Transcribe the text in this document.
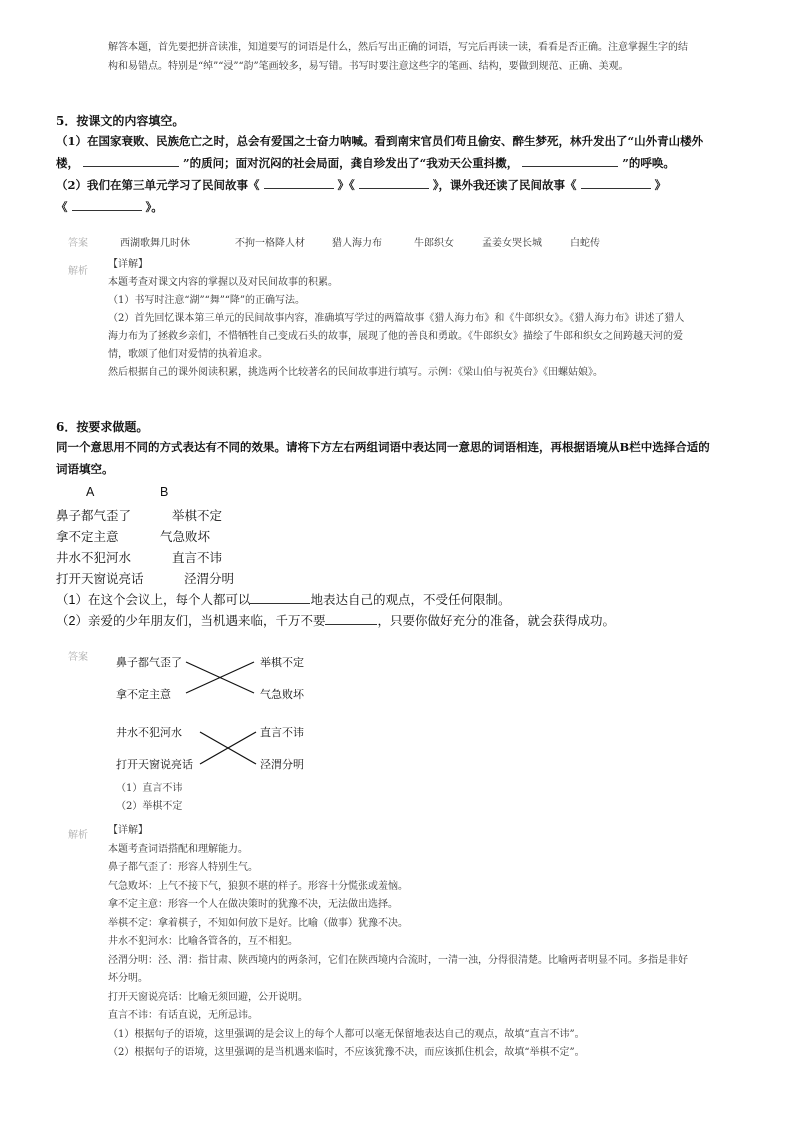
解答本题，首先要把拼音读准，知道要写的词语是什么，然后写出正确的词语，写完后再读一读，看看是否正确。注意掌握生字的结
构和易错点。特别是“绰”“浸”“韵”笔画较多，易写错。书写时要注意这些字的笔画、结构，要做到规范、正确、美观。
5．按课文的内容填空。
（1）在国家衰败、民族危亡之时，总会有爱国之士奋力呐喊。看到南宋官员们苟且偷安、醉生梦死，林升发出了“山外青山楼外
楼，	”的质问；面对沉闷的社会局面，龚自珍发出了“我劝天公重抖擞，	”的呼唤。
（2）我们在第三单元学习了民间故事《	》《	》，课外我还读了民间故事《	》
《	》。
答案	西湖歌舞几时休	不拘一格降人材	猎人海力布	牛郎织女	孟姜女哭长城	白蛇传
解析
【详解】
本题考查对课文内容的掌握以及对民间故事的积累。
（1）书写时注意“湖”“舞”“降”的正确写法。
（2）首先回忆课本第三单元的民间故事内容，准确填写学过的两篇故事《猎人海力布》和《牛郎织女》。《猎人海力布》讲述了猎人
海力布为了拯救乡亲们，不惜牺牲自己变成石头的故事，展现了他的善良和勇敢。《牛郎织女》描绘了牛郎和织女之间跨越天河的爱
情，歌颂了他们对爱情的执着追求。
然后根据自己的课外阅读积累，挑选两个比较著名的民间故事进行填写。示例：《梁山伯与祝英台》《田螺姑娘》。
6．按要求做题。
同一个意思用不同的方式表达有不同的效果。请将下方左右两组词语中表达同一意思的词语相连，再根据语境从B栏中选择合适的
词语填空。
A	B
鼻子都气歪了	举棋不定
拿不定主意	气急败坏
井水不犯河水	直言不讳
打开天窗说亮话	泾渭分明
（1）在这个会议上，每个人都可以	地表达自己的观点，不受任何限制。
（2）亲爱的少年朋友们，当机遇来临，千万不要	，只要你做好充分的准备，就会获得成功。
答案	鼻子都气歪了	举棋不定
拿不定主意	气急败坏
井水不犯河水	直言不讳
打开天窗说亮话	泾渭分明
（1）直言不讳
（2）举棋不定
解析 【详解】
本题考查词语搭配和理解能力。
鼻子都气歪了：形容人特别生气。
气急败坏：上气不接下气，狼狈不堪的样子。形容十分慌张或羞恼。
拿不定主意：形容一个人在做决策时的犹豫不决，无法做出选择。
举棋不定：拿着棋子，不知如何放下是好。比喻（做事）犹豫不决。
井水不犯河水：比喻各管各的，互不相犯。
泾渭分明：泾、渭：指甘肃、陕西境内的两条河，它们在陕西境内合流时，一清一浊，分得很清楚。比喻两者明显不同。多指是非好
坏分明。
打开天窗说亮话：比喻无须回避，公开说明。
直言不讳：有话直说，无所忌讳。
（1）根据句子的语境，这里强调的是会议上的每个人都可以毫无保留地表达自己的观点，故填“直言不讳”。
（2）根据句子的语境，这里强调的是当机遇来临时，不应该犹豫不决，而应该抓住机会，故填“举棋不定”。
